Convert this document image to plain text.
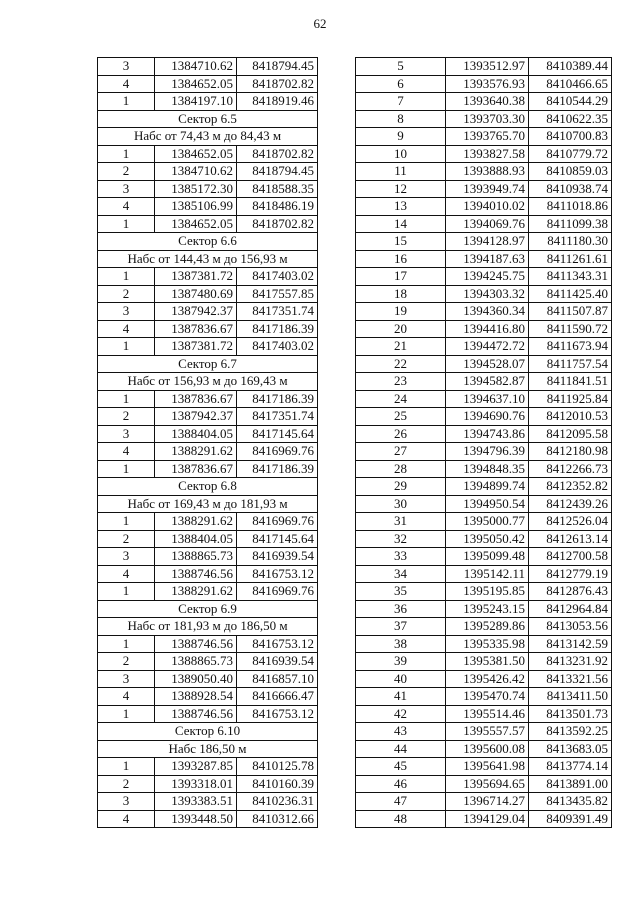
62
3	1384710.62	8418794.45
4	1384652.05	8418702.82
1	1384197.10	8418919.46
Сектор 6.5		
Набс от 74,43 м до 84,43 м		
1	1384652.05	8418702.82
2	1384710.62	8418794.45
3	1385172.30	8418588.35
4	1385106.99	8418486.19
1	1384652.05	8418702.82
Сектор 6.6		
Набс от 144,43 м до 156,93 м		
1	1387381.72	8417403.02
2	1387480.69	8417557.85
3	1387942.37	8417351.74
4	1387836.67	8417186.39
1	1387381.72	8417403.02
Сектор 6.7		
Набс от 156,93 м до 169,43 м		
1	1387836.67	8417186.39
2	1387942.37	8417351.74
3	1388404.05	8417145.64
4	1388291.62	8416969.76
1	1387836.67	8417186.39
Сектор 6.8		
Набс от 169,43 м до 181,93 м		
1	1388291.62	8416969.76
2	1388404.05	8417145.64
3	1388865.73	8416939.54
4	1388746.56	8416753.12
1	1388291.62	8416969.76
Сектор 6.9		
Набс от 181,93 м до 186,50 м		
1	1388746.56	8416753.12
2	1388865.73	8416939.54
3	1389050.40	8416857.10
4	1388928.54	8416666.47
1	1388746.56	8416753.12
Сектор 6.10		
Набс 186,50 м		
1	1393287.85	8410125.78
2	1393318.01	8410160.39
3	1393383.51	8410236.31
4	1393448.50	8410312.66
5	1393512.97	8410389.44
6	1393576.93	8410466.65
7	1393640.38	8410544.29
8	1393703.30	8410622.35
9	1393765.70	8410700.83
10	1393827.58	8410779.72
11	1393888.93	8410859.03
12	1393949.74	8410938.74
13	1394010.02	8411018.86
14	1394069.76	8411099.38
15	1394128.97	8411180.30
16	1394187.63	8411261.61
17	1394245.75	8411343.31
18	1394303.32	8411425.40
19	1394360.34	8411507.87
20	1394416.80	8411590.72
21	1394472.72	8411673.94
22	1394528.07	8411757.54
23	1394582.87	8411841.51
24	1394637.10	8411925.84
25	1394690.76	8412010.53
26	1394743.86	8412095.58
27	1394796.39	8412180.98
28	1394848.35	8412266.73
29	1394899.74	8412352.82
30	1394950.54	8412439.26
31	1395000.77	8412526.04
32	1395050.42	8412613.14
33	1395099.48	8412700.58
34	1395142.11	8412779.19
35	1395195.85	8412876.43
36	1395243.15	8412964.84
37	1395289.86	8413053.56
38	1395335.98	8413142.59
39	1395381.50	8413231.92
40	1395426.42	8413321.56
41	1395470.74	8413411.50
42	1395514.46	8413501.73
43	1395557.57	8413592.25
44	1395600.08	8413683.05
45	1395641.98	8413774.14
46	1395694.65	8413891.00
47	1396714.27	8413435.82
48	1394129.04	8409391.49
